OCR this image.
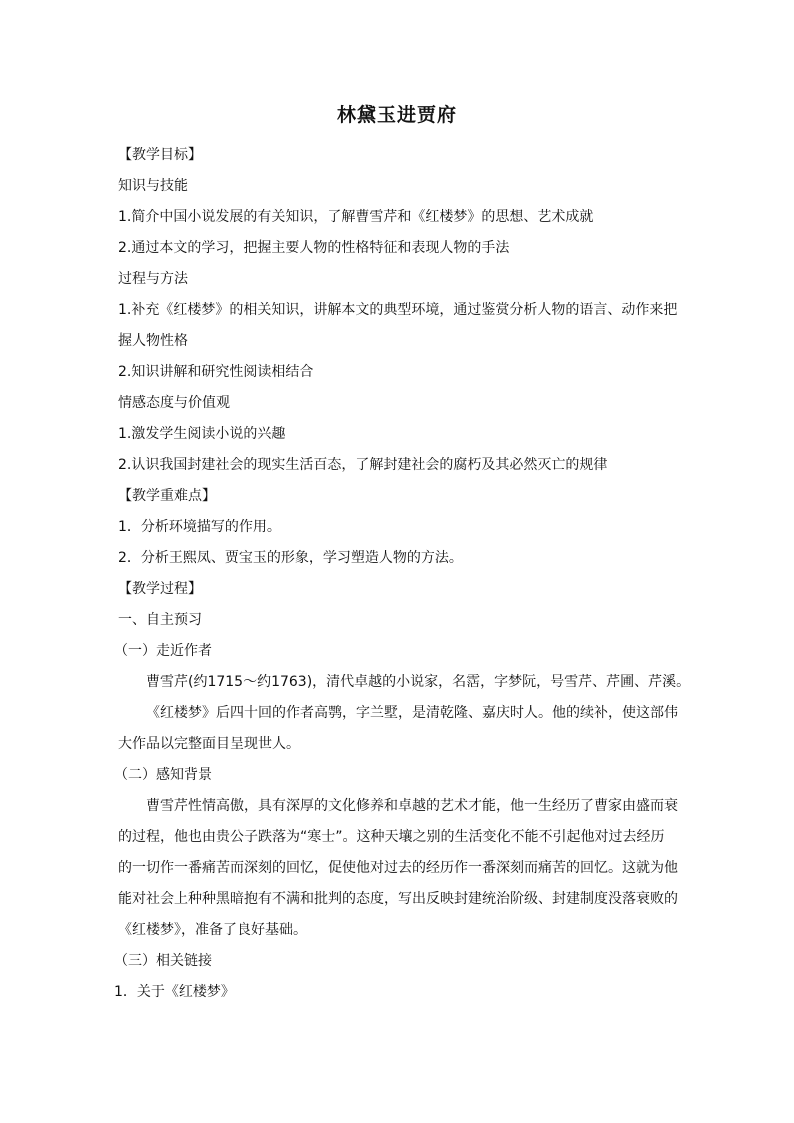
林黛玉进贾府
【教学目标】
知识与技能
1.简介中国小说发展的有关知识，了解曹雪芹和《红楼梦》的思想、艺术成就
2.通过本文的学习，把握主要人物的性格特征和表现人物的手法
过程与方法
1.补充《红楼梦》的相关知识，讲解本文的典型环境，通过鉴赏分析人物的语言、动作来把
握人物性格
2.知识讲解和研究性阅读相结合
情感态度与价值观
1.激发学生阅读小说的兴趣
2.认识我国封建社会的现实生活百态，了解封建社会的腐朽及其必然灭亡的规律
【教学重难点】
1．分析环境描写的作用。
2．分析王熙凤、贾宝玉的形象，学习塑造人物的方法。
【教学过程】
一、自主预习
（一）走近作者
曹雪芹(约1715～约1763)，清代卓越的小说家，名霑，字梦阮，号雪芹、芹圃、芹溪。
《红楼梦》后四十回的作者高鹗，字兰墅，是清乾隆、嘉庆时人。他的续补，使这部伟
大作品以完整面目呈现世人。
（二）感知背景
曹雪芹性情高傲，具有深厚的文化修养和卓越的艺术才能，他一生经历了曹家由盛而衰
的过程，他也由贵公子跌落为“寒士”。这种天壤之别的生活变化不能不引起他对过去经历
的一切作一番痛苦而深刻的回忆，促使他对过去的经历作一番深刻而痛苦的回忆。这就为他
能对社会上种种黑暗抱有不满和批判的态度，写出反映封建统治阶级、封建制度没落衰败的
《红楼梦》，准备了良好基础。
（三）相关链接
1．关于《红楼梦》
